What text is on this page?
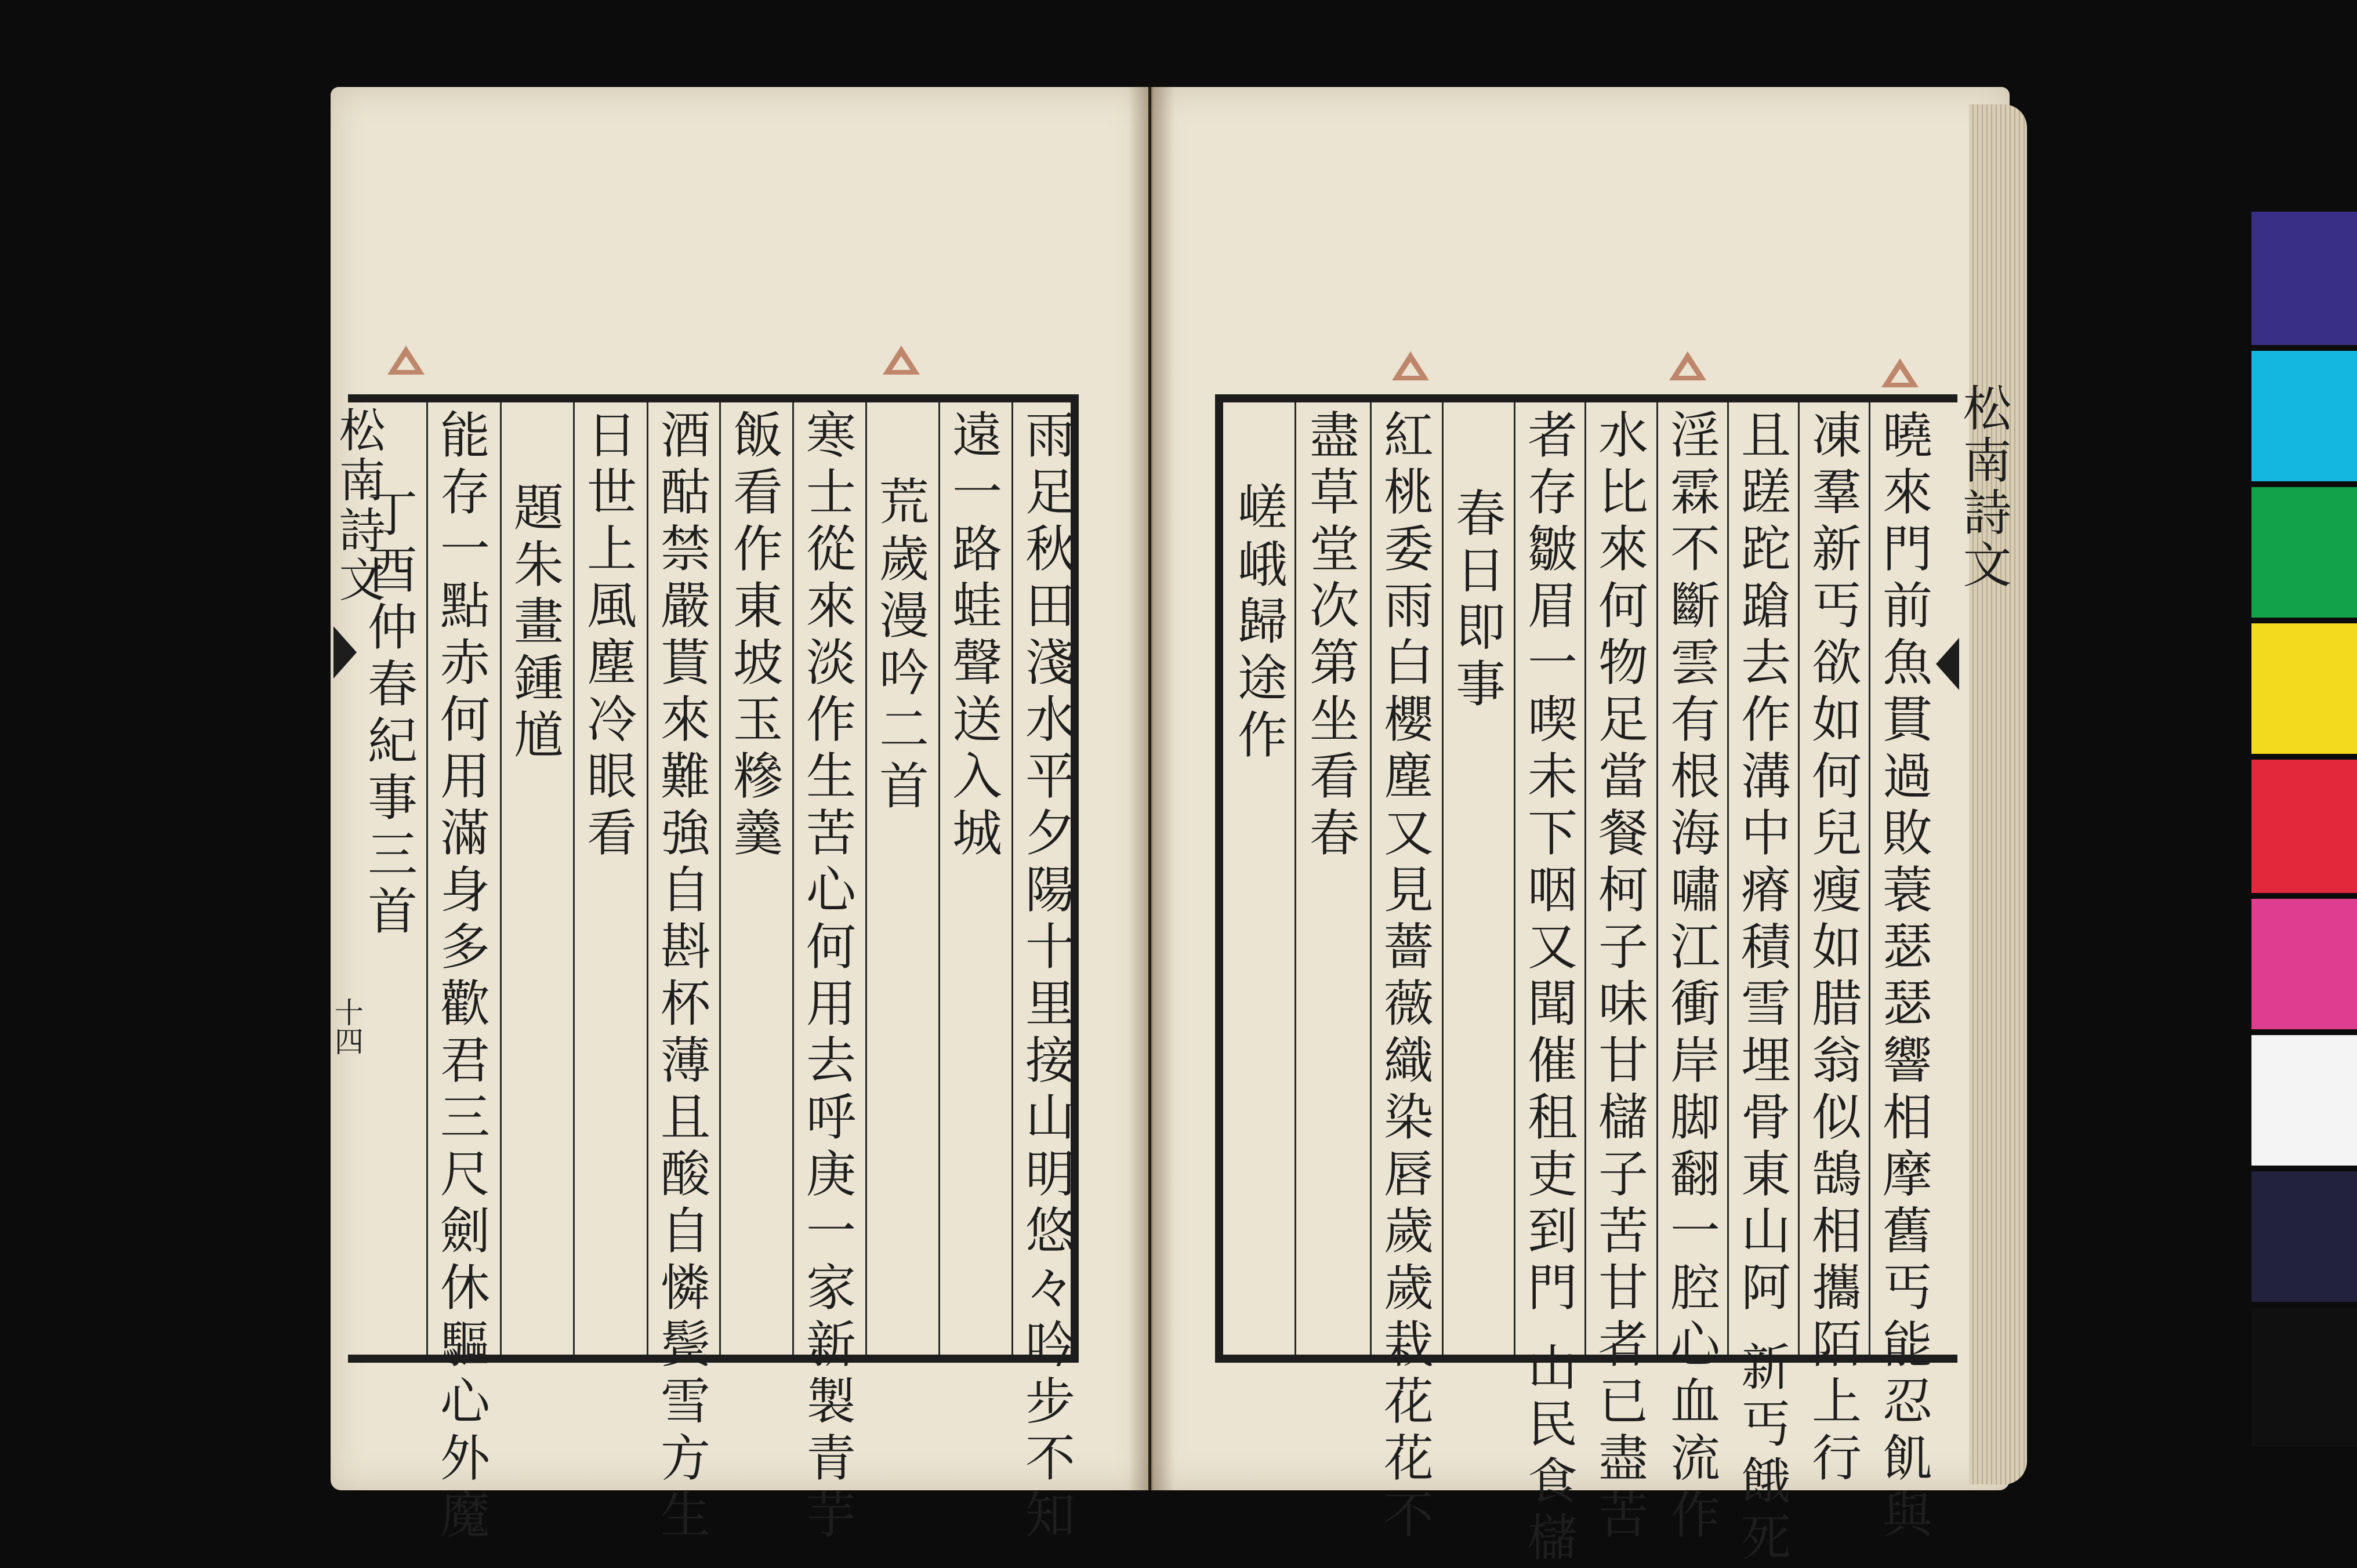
松南詩文
十四
松南詩文
雨足秋田淺水平夕陽十里接山明悠々吟步不知
遠一路蛙聲送入城
荒歲漫吟二首
寒士從來淡作生苦心何用去呼庚一家新製青芋
飯看作東坡玉糝羹
酒酤禁嚴貰來難強自斟杯薄且酸自憐鬓雪方生
日世上風塵冷眼看
題朱畫鍾馗
能存一點赤何用滿身多歡君三尺劍休驅心外魔
丁酉仲春紀事三首	曉來門前魚貫過敗蓑瑟瑟響相摩舊丐能忍飢與
凍羣新丐欲如何兒瘦如腊翁似鵠相攜陌上行
且蹉跎蹌去作溝中瘠積雪埋骨東山阿 新丐餓死
淫霖不斷雲有根海嘯江衝岸脚翻一腔心血流作
水比來何物足當餐柯子味甘櫧子苦甘者已盡苦
者存皺眉一喫未下咽又聞催租吏到門 山民食櫧
春日即事
紅桃委雨白櫻塵又見薔薇織染唇歲歲栽花花不
盡草堂次第坐看春
嵯峨歸途作
